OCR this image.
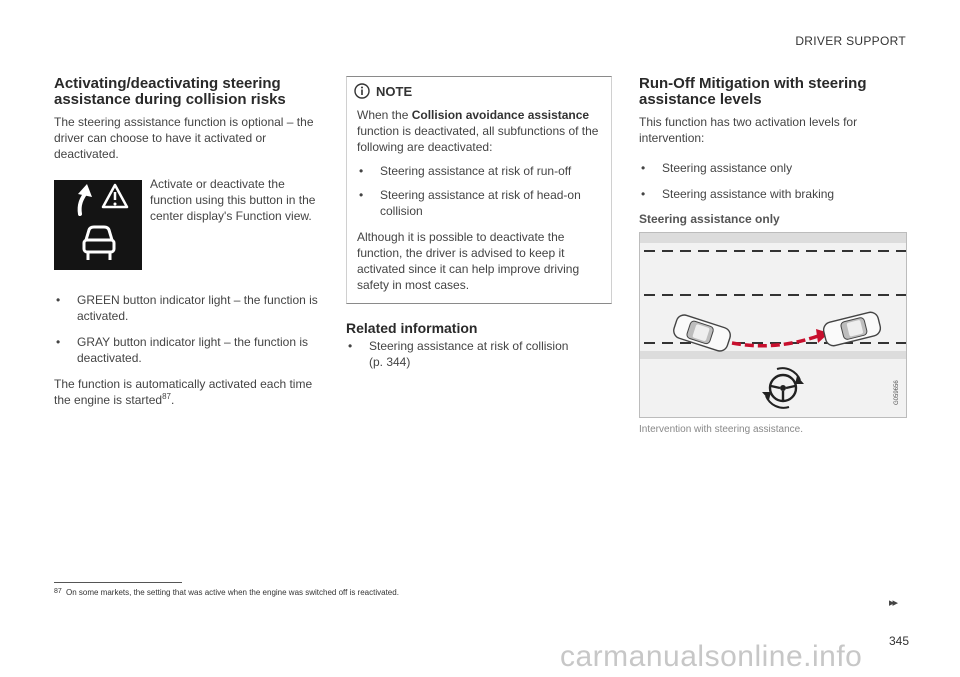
DRIVER SUPPORT
Activating/deactivating steering assistance during collision risks

The steering assistance function is optional – the driver can choose to have it activated or deactivated.

Activate or deactivate the function using this button in the center display's Function view.
• GREEN button indicator light – the function is activated.
• GRAY button indicator light – the function is deactivated.

The function is automatically activated each time the engine is started$^{87}$.

NOTE

When the Collision avoidance assistance function is deactivated, all subfunctions of the following are deactivated:

• Steering assistance at risk of run-off
• Steering assistance at risk of head-on collision

Although it is possible to deactivate the function, the driver is advised to keep it activated since it can help improve driving safety in most cases.

Related information
• Steering assistance at risk of collision
(p. 344)
Run-Off Mitigation with steering assistance levels

This function has two activation levels for intervention:

• Steering assistance only
• Steering assistance with braking
Steering assistance only
G059656
Intervention with steering assistance.
87 On some markets, the setting that was active when the engine was switched off is reactivated.
▸▸
345
carmanualsonline.info
